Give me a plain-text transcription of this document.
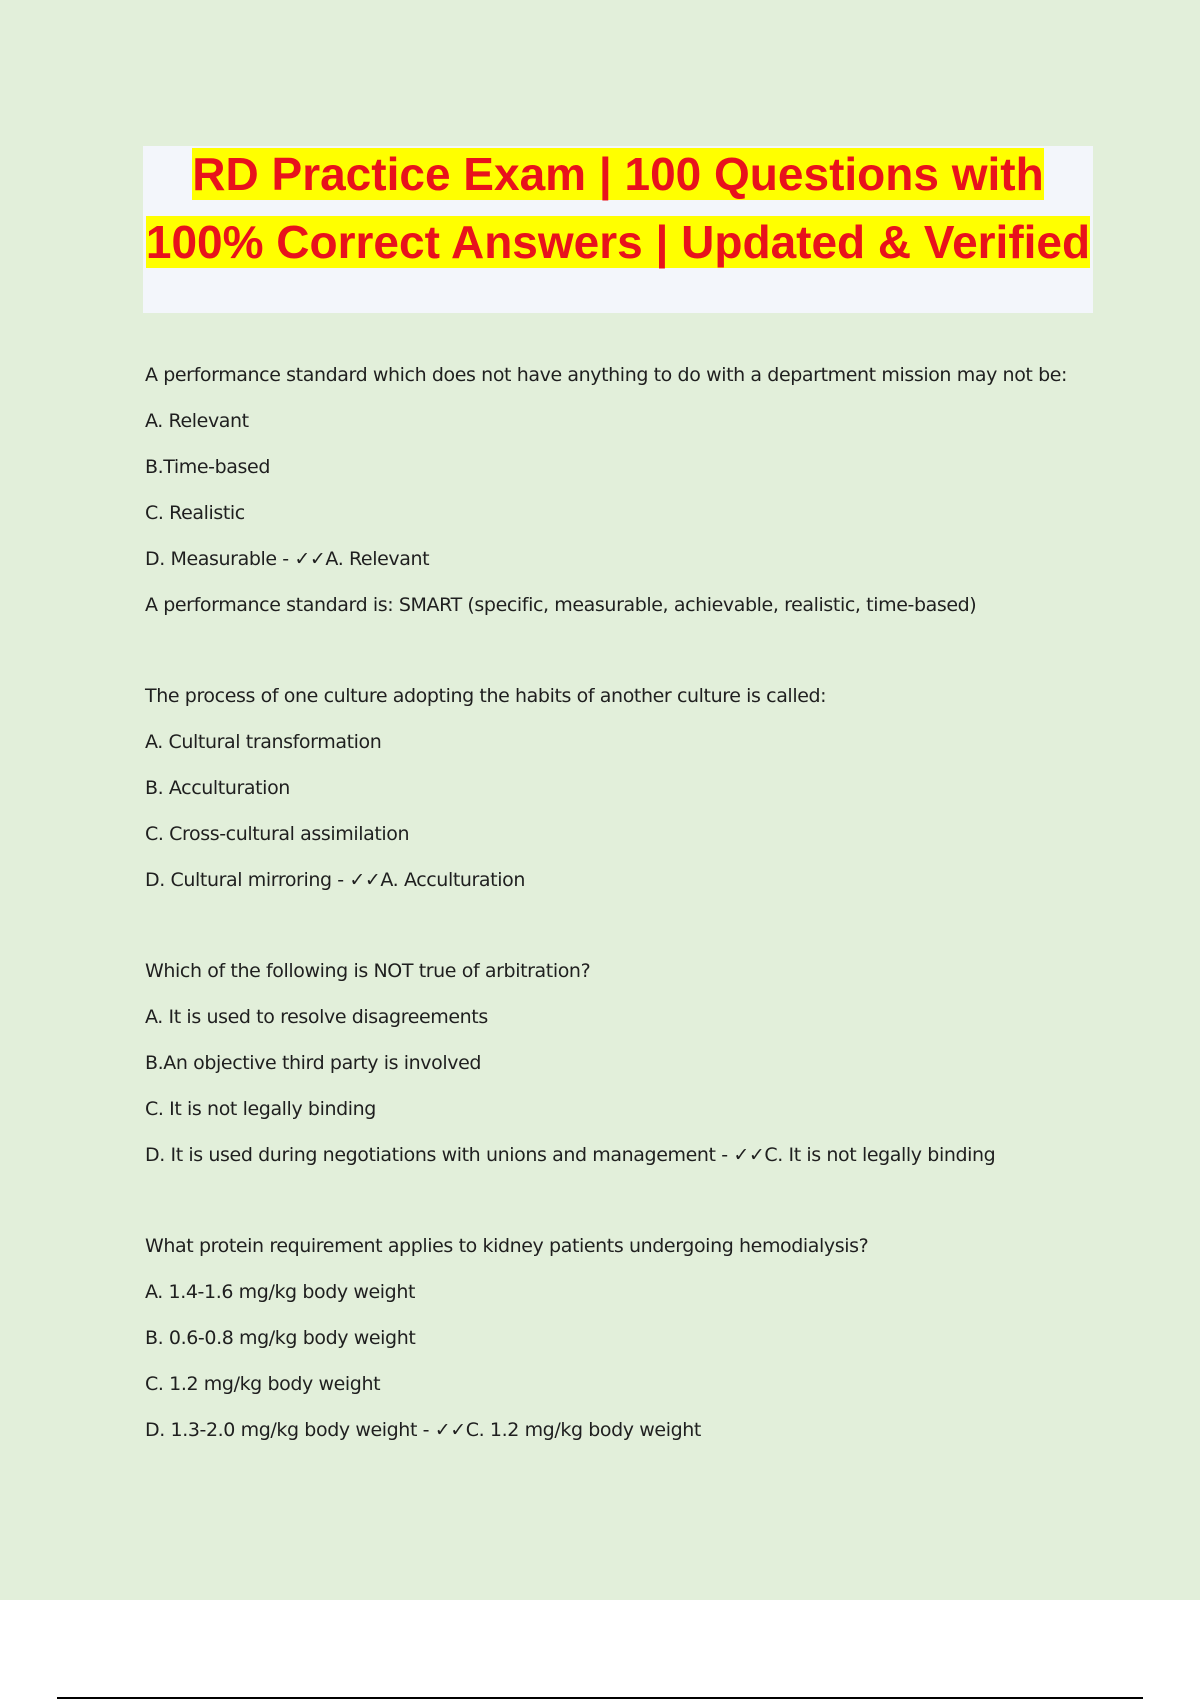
RD Practice Exam | 100 Questions with 100% Correct Answers | Updated & Verified
A performance standard which does not have anything to do with a department mission may not be:
A. Relevant
B.Time-based
C. Realistic
D. Measurable - ✓✓A. Relevant
A performance standard is: SMART (specific, measurable, achievable, realistic, time-based)
The process of one culture adopting the habits of another culture is called:
A. Cultural transformation
B. Acculturation
C. Cross-cultural assimilation
D. Cultural mirroring - ✓✓A. Acculturation
Which of the following is NOT true of arbitration?
A. It is used to resolve disagreements
B.An objective third party is involved
C. It is not legally binding
D. It is used during negotiations with unions and management - ✓✓C. It is not legally binding
What protein requirement applies to kidney patients undergoing hemodialysis?
A. 1.4-1.6 mg/kg body weight
B. 0.6-0.8 mg/kg body weight
C. 1.2 mg/kg body weight
D. 1.3-2.0 mg/kg body weight - ✓✓C. 1.2 mg/kg body weight
